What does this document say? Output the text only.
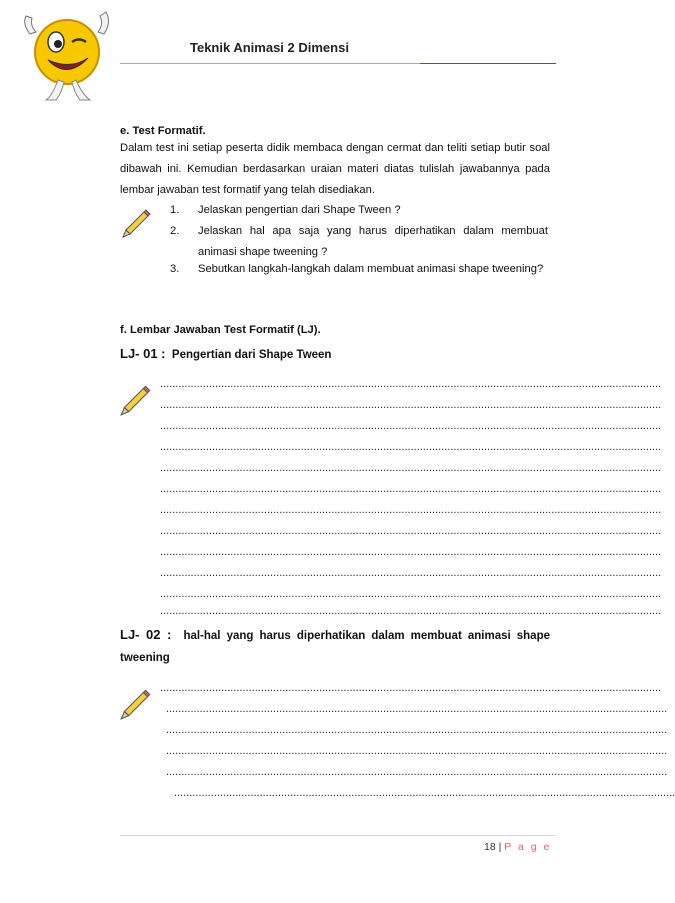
Teknik Animasi 2 Dimensi
e. Test Formatif.
Dalam test ini setiap peserta didik membaca dengan cermat dan teliti setiap butir soal dibawah ini. Kemudian berdasarkan uraian materi diatas tulislah jawabannya pada lembar jawaban test formatif yang telah disediakan.
1. Jelaskan pengertian dari Shape Tween ?
2. Jelaskan hal apa saja yang harus diperhatikan dalam membuat animasi shape tweening ?
3. Sebutkan langkah-langkah dalam membuat animasi shape tweening?
f. Lembar Jawaban Test Formatif (LJ).
LJ- 01 : Pengertian dari Shape Tween
....................................................................................................................................................................
....................................................................................................................................................................
....................................................................................................................................................................
....................................................................................................................................................................
....................................................................................................................................................................
....................................................................................................................................................................
....................................................................................................................................................................
....................................................................................................................................................................
....................................................................................................................................................................
....................................................................................................................................................................
....................................................................................................................................................................
....................................................................................................................................................................
LJ- 02 : hal-hal yang harus diperhatikan dalam membuat animasi shape tweening
....................................................................................................................................................................
....................................................................................................................................................................
....................................................................................................................................................................
....................................................................................................................................................................
....................................................................................................................................................................
....................................................................................................................................................................
18 | P a g e
